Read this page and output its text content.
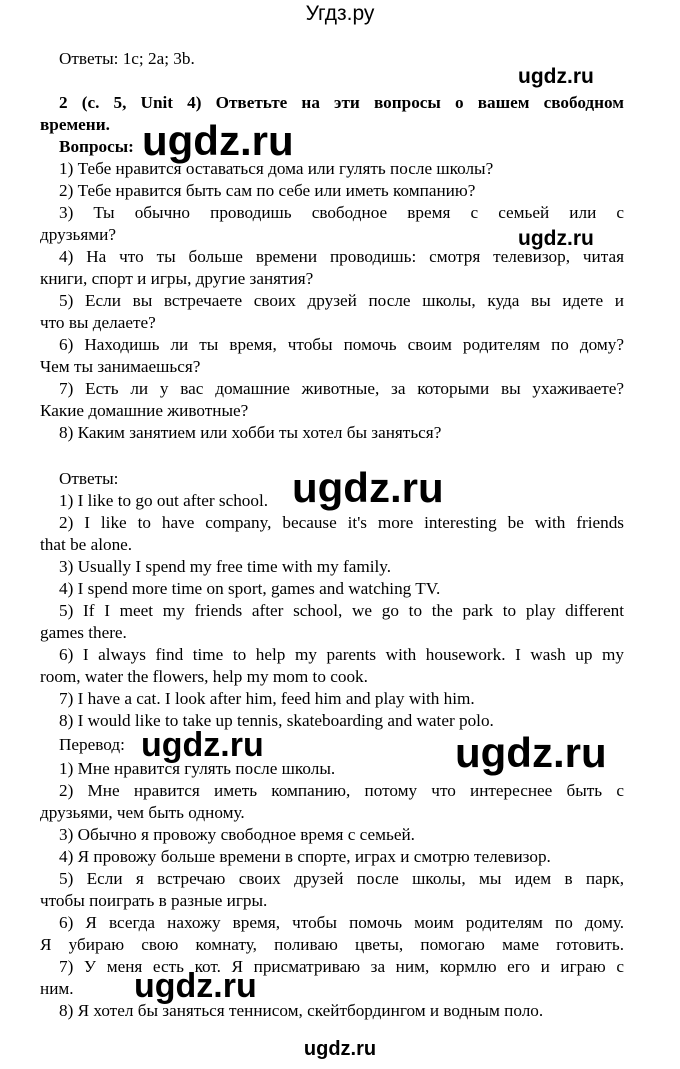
Угдз.ру
Ответы: 1c; 2a; 3b.
2 (с. 5, Unit 4) Ответьте на эти вопросы о вашем свободном
времени.
Вопросы:
1) Тебе нравится оставаться дома или гулять после школы?
2) Тебе нравится быть сам по себе или иметь компанию?
3) Ты обычно проводишь свободное время с семьей или с
друзьями?
4) На что ты больше времени проводишь: смотря телевизор, читая
книги, спорт и игры, другие занятия?
5) Если вы встречаете своих друзей после школы, куда вы идете и
что вы делаете?
6) Находишь ли ты время, чтобы помочь своим родителям по дому?
Чем ты занимаешься?
7) Есть ли у вас домашние животные, за которыми вы ухаживаете?
Какие домашние животные?
8) Каким занятием или хобби ты хотел бы заняться?
Ответы:
1) I like to go out after school.
2) I like to have company, because it's more interesting be with friends
that be alone.
3) Usually I spend my free time with my family.
4) I spend more time on sport, games and watching TV.
5) If I meet my friends after school, we go to the park to play different
games there.
6) I always find time to help my parents with housework. I wash up my
room, water the flowers, help my mom to cook.
7) I have a cat. I look after him, feed him and play with him.
8) I would like to take up tennis, skateboarding and water polo.
Перевод:
1) Мне нравится гулять после школы.
2) Мне нравится иметь компанию, потому что интереснее быть с
друзьями, чем быть одному.
3) Обычно я провожу свободное время с семьей.
4) Я провожу больше времени в спорте, играх и смотрю телевизор.
5) Если я встречаю своих друзей после школы, мы идем в парк,
чтобы поиграть в разные игры.
6) Я всегда нахожу время, чтобы помочь моим родителям по дому.
Я убираю свою комнату, поливаю цветы, помогаю маме готовить.
7) У меня есть кот. Я присматриваю за ним, кормлю его и играю с
ним.
8) Я хотел бы заняться теннисом, скейтбордингом и водным поло.
ugdz.ru
ugdz.ru
ugdz.ru
ugdz.ru
ugdz.ru	ugdz.ru
ugdz.ru
ugdz.ru
